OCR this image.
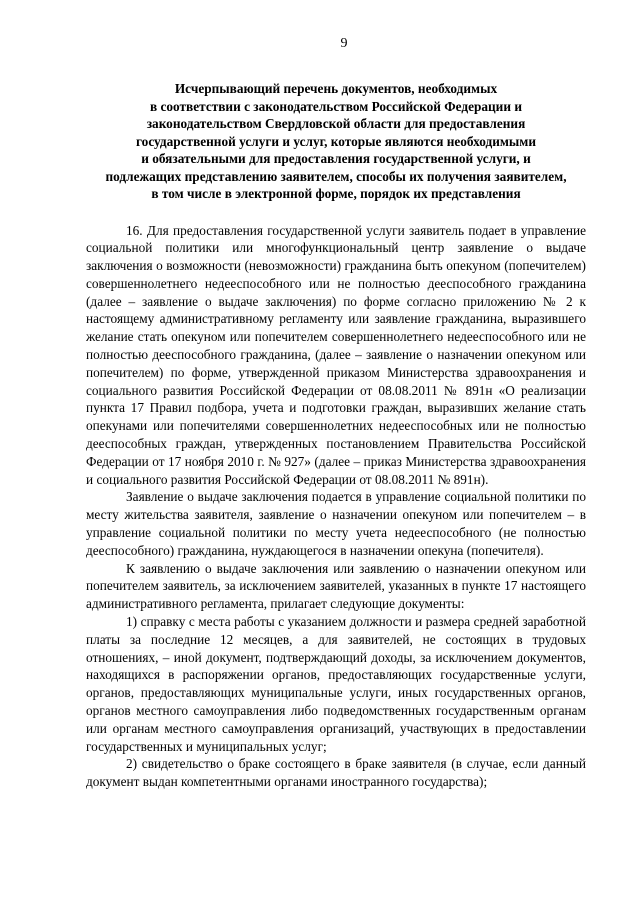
9
Исчерпывающий перечень документов, необходимых
в соответствии с законодательством Российской Федерации и
законодательством Свердловской области для предоставления
государственной услуги и услуг, которые являются необходимыми
и обязательными для предоставления государственной услуги, и
подлежащих представлению заявителем, способы их получения заявителем,
в том числе в электронной форме, порядок их представления

16. Для предоставления государственной услуги заявитель подает в управление социальной политики или многофункциональный центр заявление о выдаче заключения о возможности (невозможности) гражданина быть опекуном (попечителем) совершеннолетнего недееспособного или не полностью дееспособного гражданина (далее – заявление о выдаче заключения) по форме согласно приложению № 2 к настоящему административному регламенту или заявление гражданина, выразившего желание стать опекуном или попечителем совершеннолетнего недееспособного или не полностью дееспособного гражданина, (далее – заявление о назначении опекуном или попечителем) по форме, утвержденной приказом Министерства здравоохранения и социального развития Российской Федерации от 08.08.2011 № 891н «О реализации пункта 17 Правил подбора, учета и подготовки граждан, выразивших желание стать опекунами или попечителями совершеннолетних недееспособных или не полностью дееспособных граждан, утвержденных постановлением Правительства Российской Федерации от 17 ноября 2010 г. № 927» (далее – приказ Министерства здравоохранения и социального развития Российской Федерации от 08.08.2011 № 891н).

Заявление о выдаче заключения подается в управление социальной политики по месту жительства заявителя, заявление о назначении опекуном или попечителем – в управление социальной политики по месту учета недееспособного (не полностью дееспособного) гражданина, нуждающегося в назначении опекуна (попечителя).

К заявлению о выдаче заключения или заявлению о назначении опекуном или попечителем заявитель, за исключением заявителей, указанных в пункте 17 настоящего административного регламента, прилагает следующие документы:

1) справку с места работы с указанием должности и размера средней заработной платы за последние 12 месяцев, а для заявителей, не состоящих в трудовых отношениях, – иной документ, подтверждающий доходы, за исключением документов, находящихся в распоряжении органов, предоставляющих государственные услуги, органов, предоставляющих муниципальные услуги, иных государственных органов, органов местного самоуправления либо подведомственных государственным органам или органам местного самоуправления организаций, участвующих в предоставлении государственных и муниципальных услуг;

2) свидетельство о браке состоящего в браке заявителя (в случае, если данный документ выдан компетентными органами иностранного государства);
